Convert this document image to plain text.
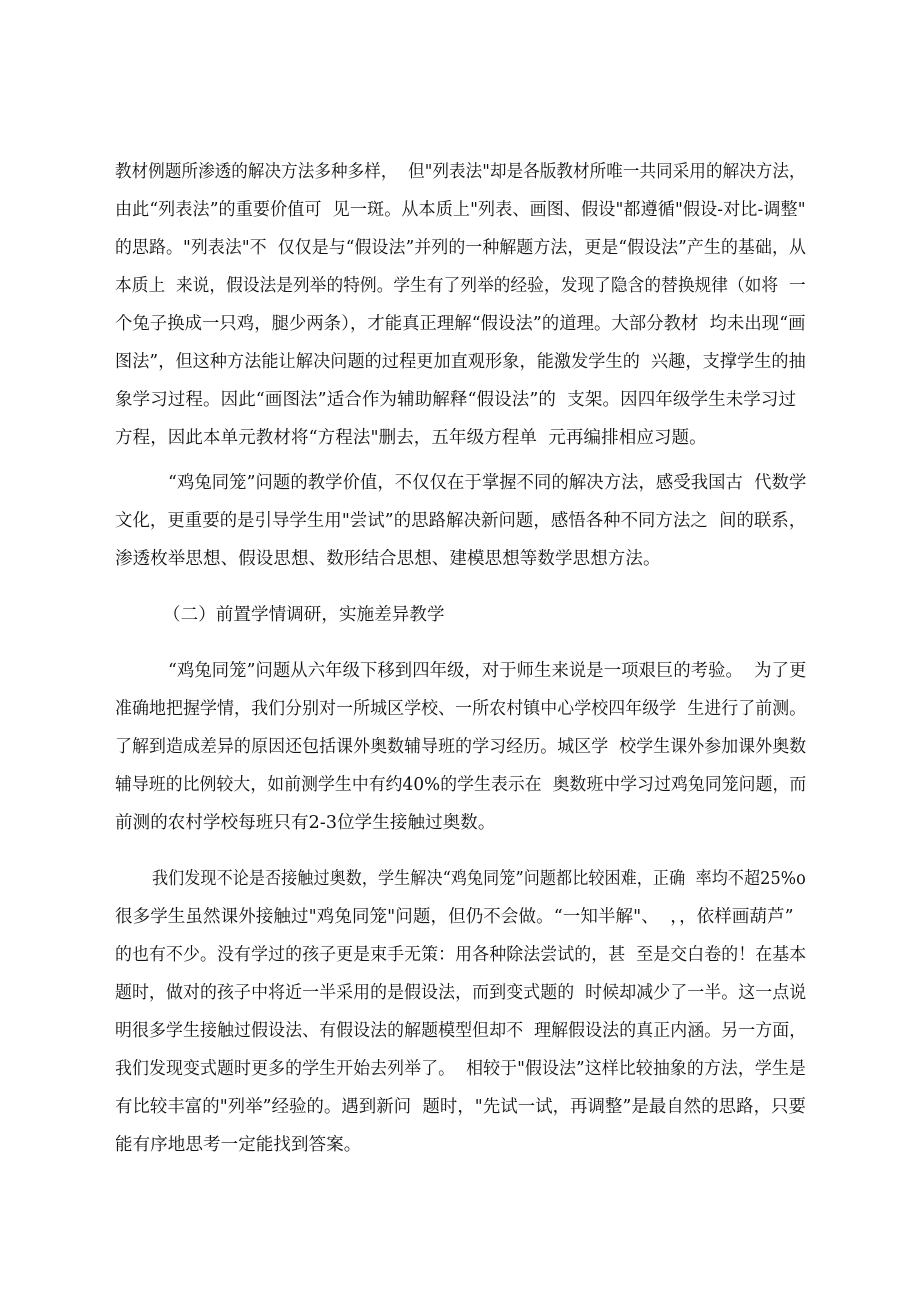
教材例题所渗透的解决方法多种多样，  但"列表法"却是各版教材所唯一共同采用的解决方法，
由此“列表法”的重要价值可  见一斑。从本质上"列表、画图、假设"都遵循"假设-对比-调整"
的思路。"列表法"不  仅仅是与“假设法”并列的一种解题方法，更是“假设法”产生的基础，从
本质上  来说，假设法是列举的特例。学生有了列举的经验，发现了隐含的替换规律（如将  一
个兔子换成一只鸡，腿少两条），才能真正理解“假设法”的道理。大部分教材  均未出现“画
图法”，但这种方法能让解决问题的过程更加直观形象，能激发学生的  兴趣，支撑学生的抽
象学习过程。因此“画图法”适合作为辅助解释“假设法”的  支架。因四年级学生未学习过
方程，因此本单元教材将“方程法"删去，五年级方程单  元再编排相应习题。
“鸡兔同笼”问题的教学价值，不仅仅在于掌握不同的解决方法，感受我国古  代数学
文化，更重要的是引导学生用"尝试”的思路解决新问题，感悟各种不同方法之  间的联系，
渗透枚举思想、假设思想、数形结合思想、建模思想等数学思想方法。
（二）前置学情调研，实施差异教学
“鸡兔同笼”问题从六年级下移到四年级，对于师生来说是一项艰巨的考验。  为了更
准确地把握学情，我们分别对一所城区学校、一所农村镇中心学校四年级学  生进行了前测。
了解到造成差异的原因还包括课外奥数辅导班的学习经历。城区学  校学生课外参加课外奥数
辅导班的比例较大，如前测学生中有约40%的学生表示在  奥数班中学习过鸡兔同笼问题，而
前测的农村学校每班只有2-3位学生接触过奥数。
我们发现不论是否接触过奥数，学生解决“鸡兔同笼”问题都比较困难，正确  率均不超25%o
很多学生虽然课外接触过"鸡兔同笼"问题，但仍不会做。“一知半解"、  ，，依样画葫芦”
的也有不少。没有学过的孩子更是束手无策：用各种除法尝试的，甚  至是交白卷的！在基本
题时，做对的孩子中将近一半采用的是假设法，而到变式题的  时候却减少了一半。这一点说
明很多学生接触过假设法、有假设法的解题模型但却不  理解假设法的真正内涵。另一方面，
我们发现变式题时更多的学生开始去列举了。  相较于"假设法”这样比较抽象的方法，学生是
有比较丰富的"列举”经验的。遇到新问  题时，"先试一试，再调整”是最自然的思路，只要
能有序地思考一定能找到答案。
